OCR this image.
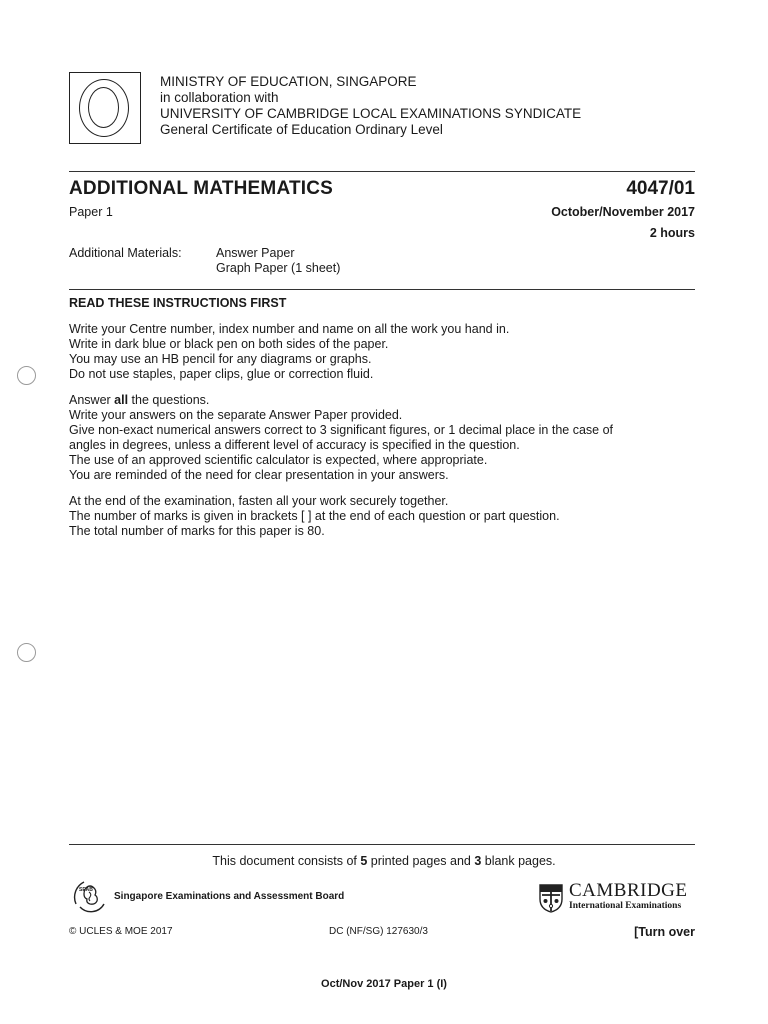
MINISTRY OF EDUCATION, SINGAPORE
in collaboration with
UNIVERSITY OF CAMBRIDGE LOCAL EXAMINATIONS SYNDICATE
General Certificate of Education Ordinary Level
ADDITIONAL MATHEMATICS	4047/01
Paper 1	October/November 2017
2 hours
Additional Materials:	Answer Paper
Graph Paper (1 sheet)
READ THESE INSTRUCTIONS FIRST
Write your Centre number, index number and name on all the work you hand in.
Write in dark blue or black pen on both sides of the paper.
You may use an HB pencil for any diagrams or graphs.
Do not use staples, paper clips, glue or correction fluid.
Answer all the questions.
Write your answers on the separate Answer Paper provided.
Give non-exact numerical answers correct to 3 significant figures, or 1 decimal place in the case of
angles in degrees, unless a different level of accuracy is specified in the question.
The use of an approved scientific calculator is expected, where appropriate.
You are reminded of the need for clear presentation in your answers.
At the end of the examination, fasten all your work securely together.
The number of marks is given in brackets [ ] at the end of each question or part question.
The total number of marks for this paper is 80.
This document consists of 5 printed pages and 3 blank pages.
SEAB
Singapore Examinations and Assessment Board	CAMBRIDGE
International Examinations
© UCLES & MOE 2017	DC (NF/SG) 127630/3	[Turn over
Oct/Nov 2017 Paper 1 (I)
